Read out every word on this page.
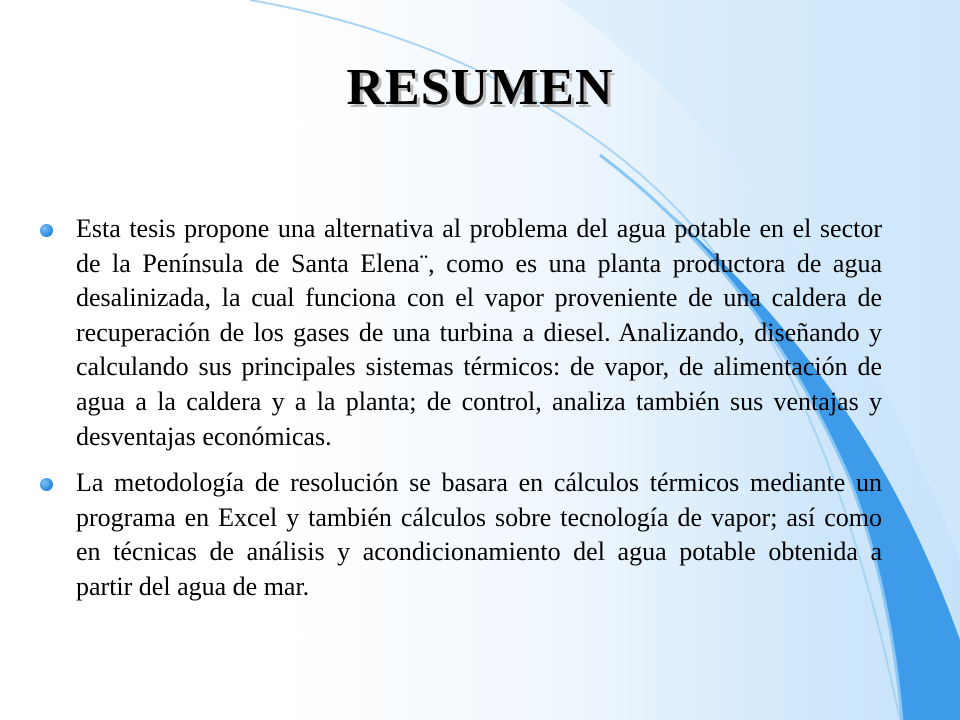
RESUMEN
Esta tesis propone una alternativa al problema del agua potable en el sector de la Península de Santa Elena¨, como es una planta productora de agua desalinizada, la cual funciona con el vapor proveniente de una caldera de recuperación de los gases de una turbina a diesel. Analizando, diseñando y calculando sus principales sistemas térmicos: de vapor, de alimentación de agua a la caldera y a la planta; de control, analiza también sus ventajas y desventajas económicas.
La metodología de resolución se basara en cálculos térmicos mediante un programa en Excel y también cálculos sobre tecnología de vapor; así como en técnicas de análisis y acondicionamiento del agua potable obtenida a partir del agua de mar.
